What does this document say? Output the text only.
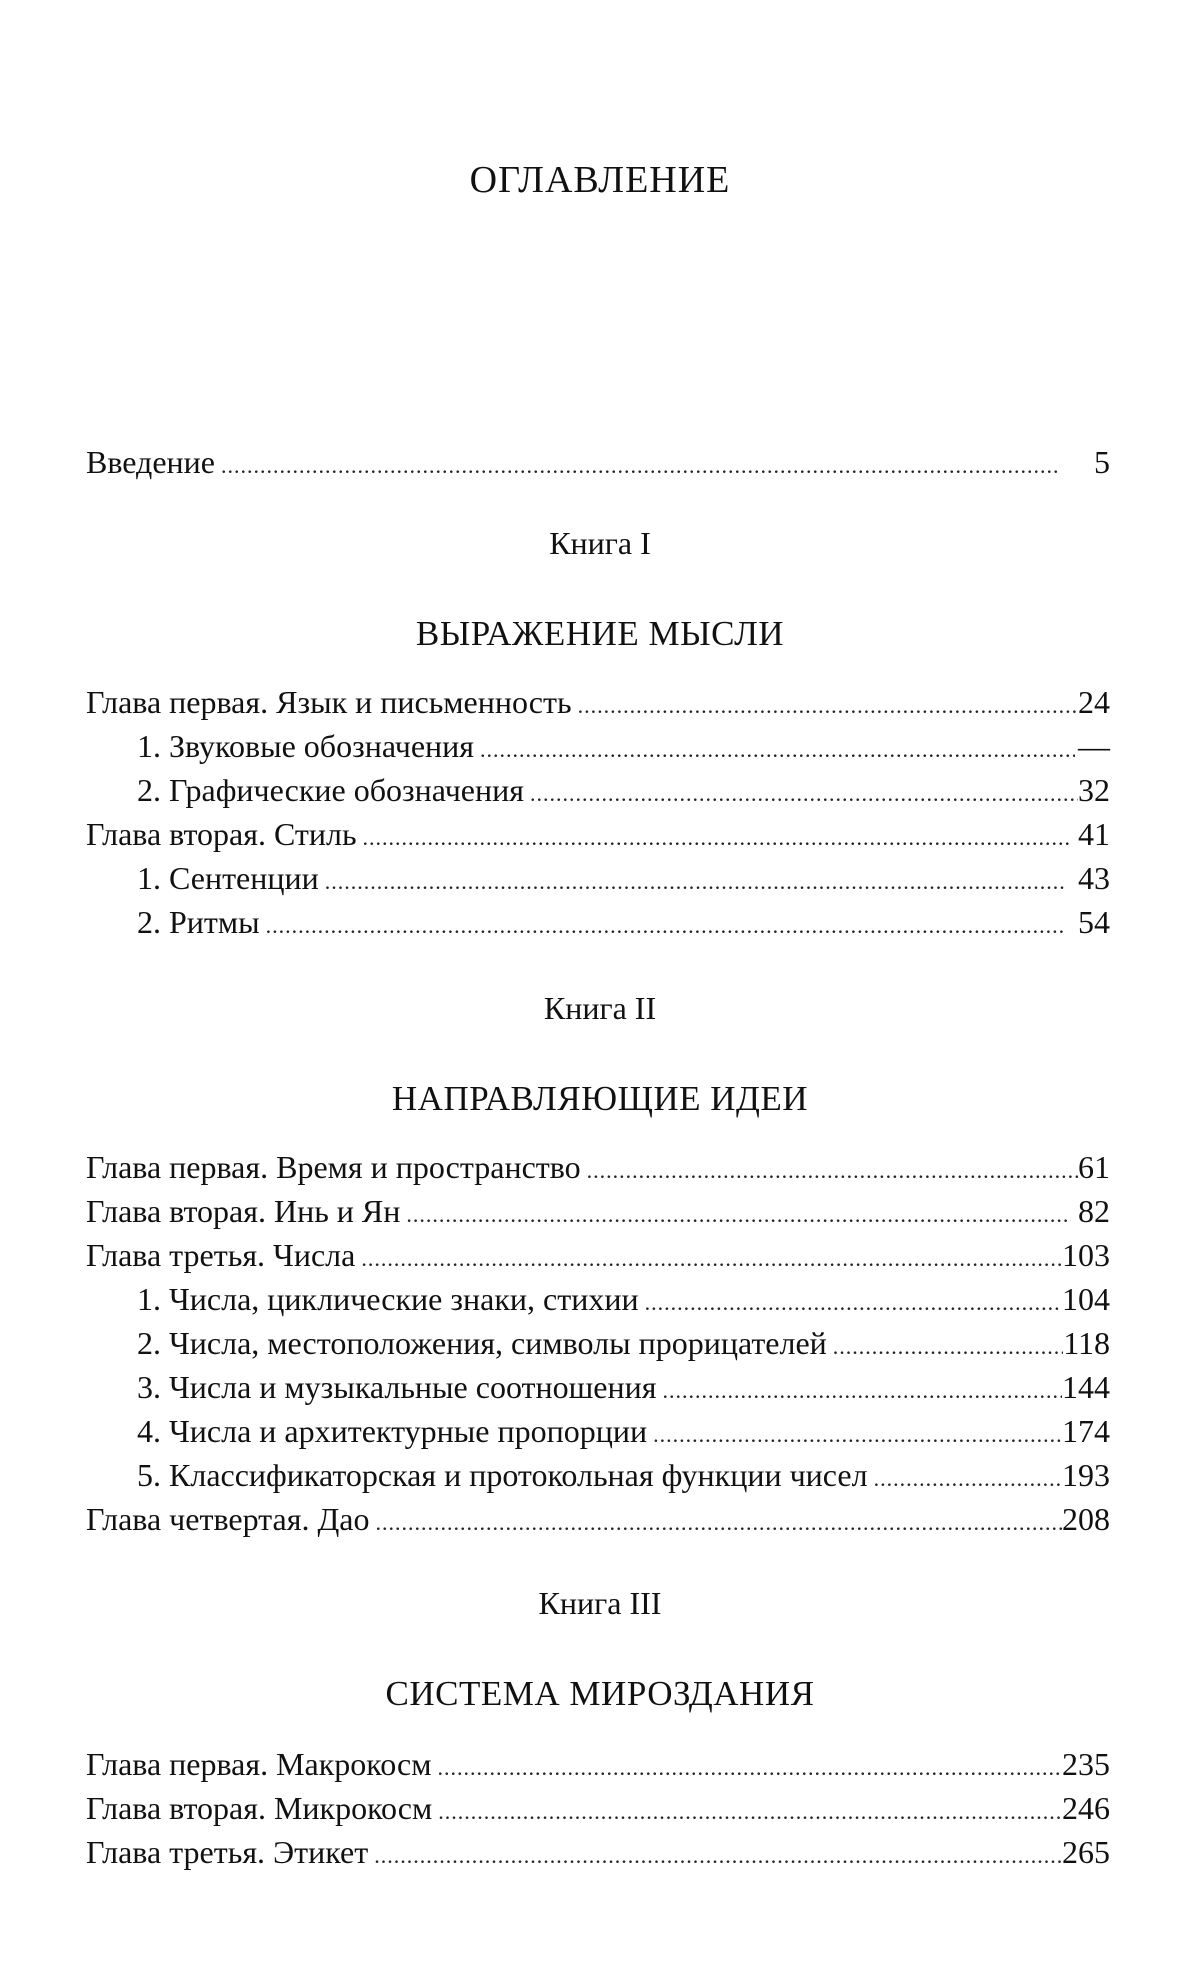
ОГЛАВЛЕНИЕ
Введение .....	5
Книга I
ВЫРАЖЕНИЕ МЫСЛИ
Глава первая. Язык и письменность .....	24
1. Звуковые обозначения .....	—
2. Графические обозначения .....	32
Глава вторая. Стиль .....	41
1. Сентенции .....	43
2. Ритмы .....	54
Книга II
НАПРАВЛЯЮЩИЕ ИДЕИ
Глава первая. Время и пространство .....	61
Глава вторая. Инь и Ян .....	82
Глава третья. Числа .....	103
1. Числа, циклические знаки, стихии .....	104
2. Числа, местоположения, символы прорицателей .....	118
3. Числа и музыкальные соотношения .....	144
4. Числа и архитектурные пропорции .....	174
5. Классификаторская и протокольная функции чисел .....	193
Глава четвертая. Дао .....	208
Книга III
СИСТЕМА МИРОЗДАНИЯ
Глава первая. Макрокосм .....	235
Глава вторая. Микрокосм .....	246
Глава третья. Этикет .....	265
